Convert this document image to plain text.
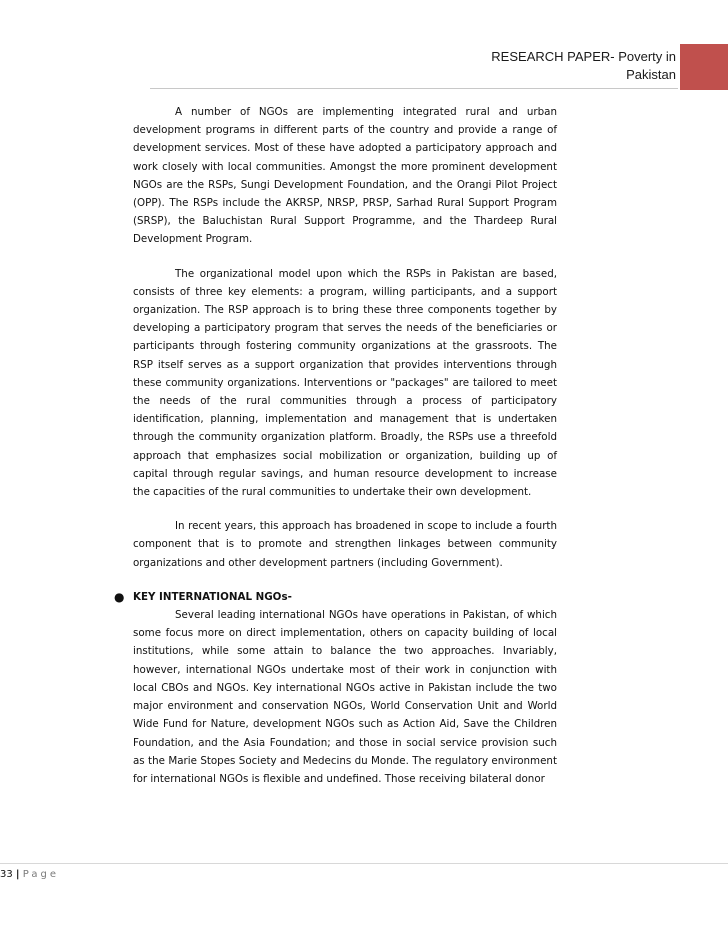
RESEARCH PAPER- Poverty in
Pakistan

A number of NGOs are implementing integrated rural and urban development programs in different parts of the country and provide a range of development services. Most of these have adopted a participatory approach and work closely with local communities. Amongst the more prominent development NGOs are the RSPs, Sungi Development Foundation, and the Orangi Pilot Project (OPP). The RSPs include the AKRSP, NRSP, PRSP, Sarhad Rural Support Program (SRSP), the Baluchistan Rural Support Programme, and the Thardeep Rural Development Program.

The organizational model upon which the RSPs in Pakistan are based, consists of three key elements: a program, willing participants, and a support organization. The RSP approach is to bring these three components together by developing a participatory program that serves the needs of the beneficiaries or participants through fostering community organizations at the grassroots. The RSP itself serves as a support organization that provides interventions through these community organizations. Interventions or "packages" are tailored to meet the needs of the rural communities through a process of participatory identification, planning, implementation and management that is undertaken through the community organization platform. Broadly, the RSPs use a threefold approach that emphasizes social mobilization or organization, building up of capital through regular savings, and human resource development to increase the capacities of the rural communities to undertake their own development.

In recent years, this approach has broadened in scope to include a fourth component that is to promote and strengthen linkages between community organizations and other development partners (including Government).

● KEY INTERNATIONAL NGOs-

Several leading international NGOs have operations in Pakistan, of which some focus more on direct implementation, others on capacity building of local institutions, while some attain to balance the two approaches. Invariably, however, international NGOs undertake most of their work in conjunction with local CBOs and NGOs. Key international NGOs active in Pakistan include the two major environment and conservation NGOs, World Conservation Unit and World Wide Fund for Nature, development NGOs such as Action Aid, Save the Children Foundation, and the Asia Foundation; and those in social service provision such as the Marie Stopes Society and Medecins du Monde. The regulatory environment for international NGOs is flexible and undefined. Those receiving bilateral donor

33 | Page
